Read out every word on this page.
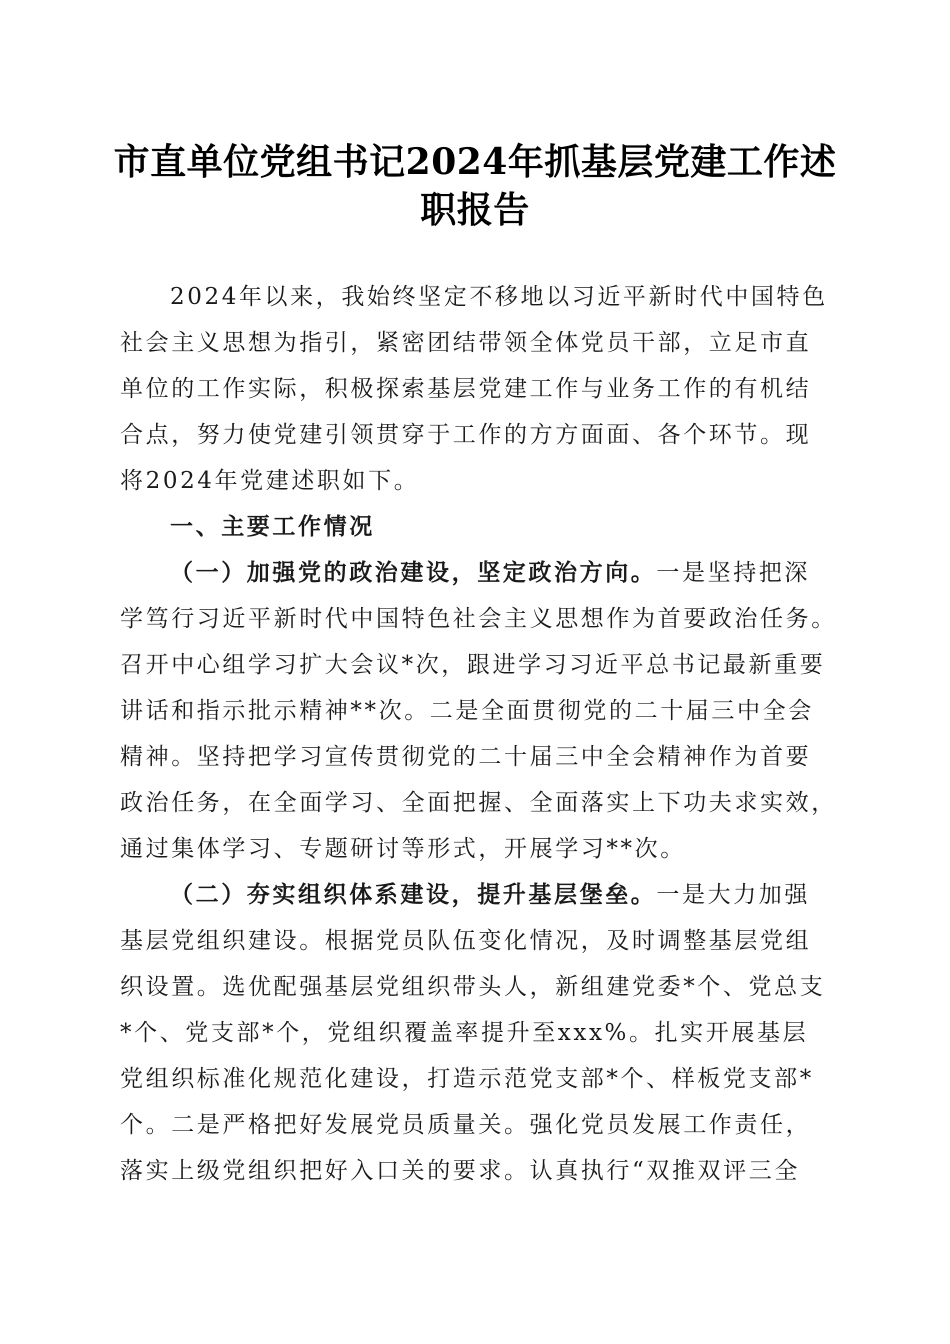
市直单位党组书记2024年抓基层党建工作述
职报告
2024年以来，我始终坚定不移地以习近平新时代中国特色
社会主义思想为指引，紧密团结带领全体党员干部，立足市直
单位的工作实际，积极探索基层党建工作与业务工作的有机结
合点，努力使党建引领贯穿于工作的方方面面、各个环节。现
将2024年党建述职如下。
一、主要工作情况
（一）加强党的政治建设，坚定政治方向。一是坚持把深
学笃行习近平新时代中国特色社会主义思想作为首要政治任务。
召开中心组学习扩大会议*次，跟进学习习近平总书记最新重要
讲话和指示批示精神**次。二是全面贯彻党的二十届三中全会
精神。坚持把学习宣传贯彻党的二十届三中全会精神作为首要
政治任务，在全面学习、全面把握、全面落实上下功夫求实效，
通过集体学习、专题研讨等形式，开展学习**次。
（二）夯实组织体系建设，提升基层堡垒。一是大力加强
基层党组织建设。根据党员队伍变化情况，及时调整基层党组
织设置。选优配强基层党组织带头人，新组建党委*个、党总支
*个、党支部*个，党组织覆盖率提升至xxx%。扎实开展基层
党组织标准化规范化建设，打造示范党支部*个、样板党支部*
个。二是严格把好发展党员质量关。强化党员发展工作责任，
落实上级党组织把好入口关的要求。认真执行“双推双评三全
